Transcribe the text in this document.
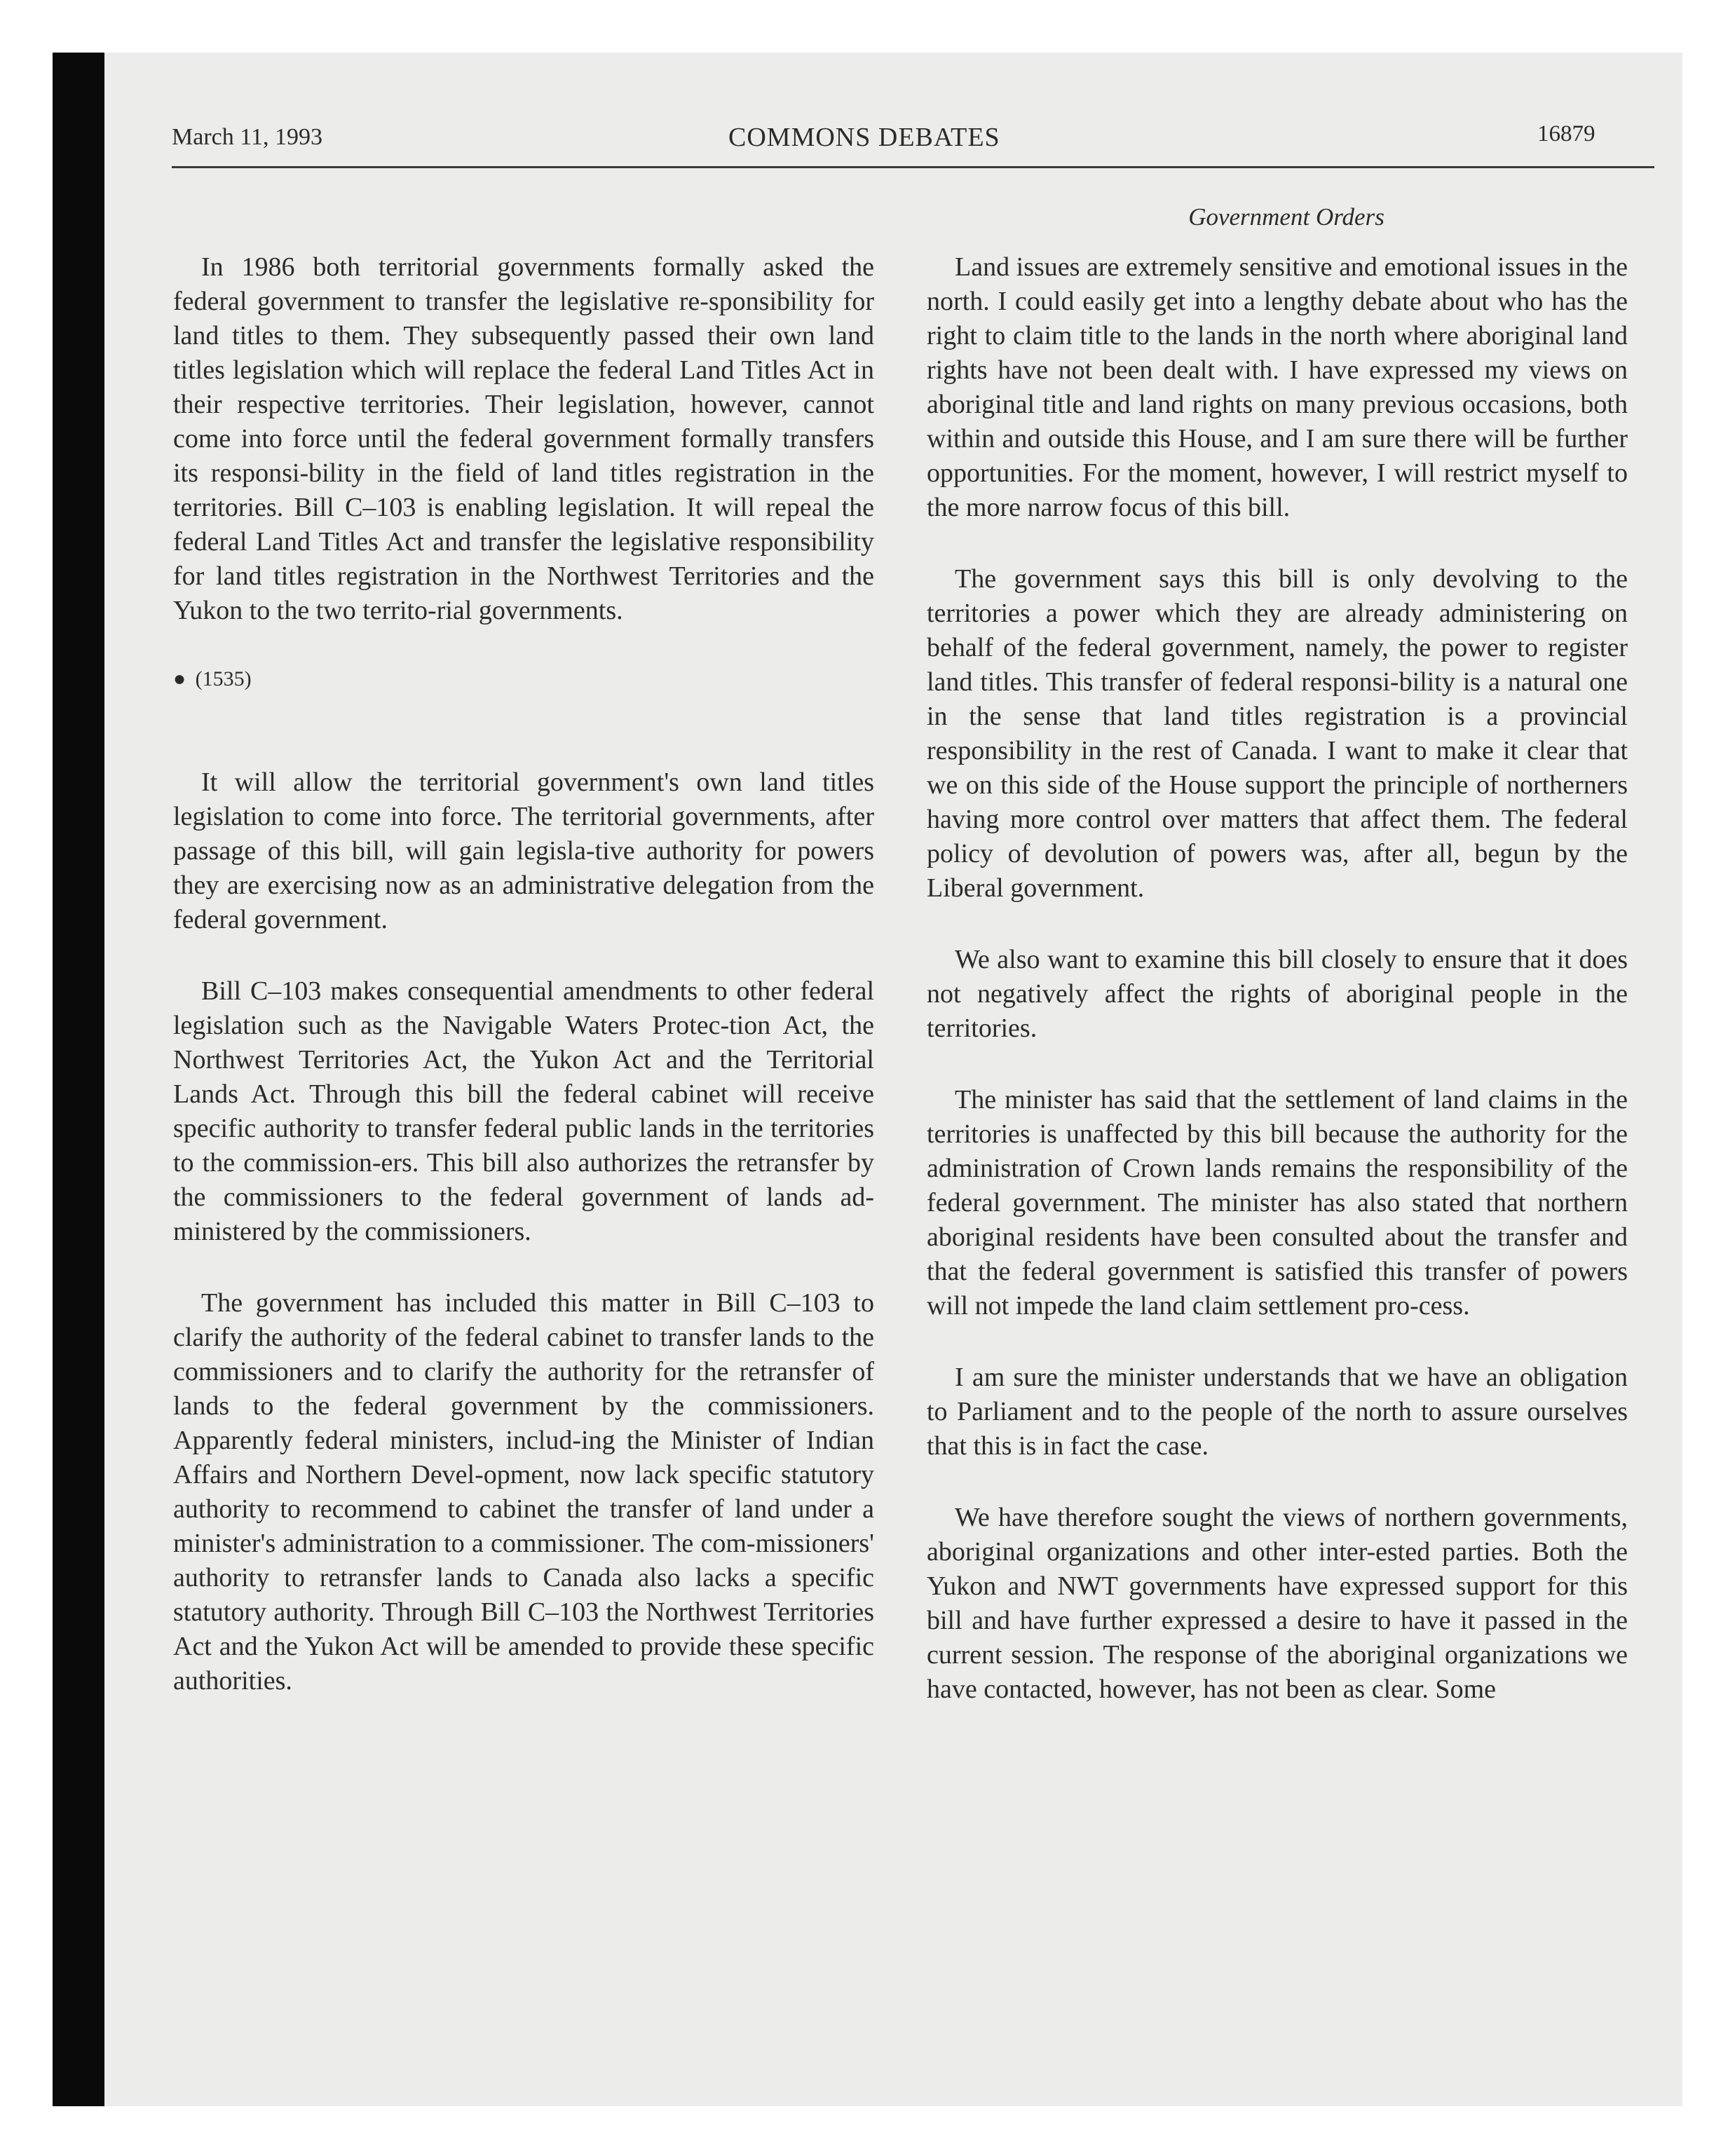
March 11, 1993	COMMONS DEBATES	16879
Government Orders

In 1986 both territorial governments formally asked the federal government to transfer the legislative re-sponsibility for land titles to them. They subsequently passed their own land titles legislation which will replace the federal Land Titles Act in their respective territories. Their legislation, however, cannot come into force until the federal government formally transfers its responsi-bility in the field of land titles registration in the territories. Bill C–103 is enabling legislation. It will repeal the federal Land Titles Act and transfer the legislative responsibility for land titles registration in the Northwest Territories and the Yukon to the two territo-rial governments.

● (1535)

It will allow the territorial government's own land titles legislation to come into force. The territorial governments, after passage of this bill, will gain legisla-tive authority for powers they are exercising now as an administrative delegation from the federal government.

Bill C–103 makes consequential amendments to other federal legislation such as the Navigable Waters Protec-tion Act, the Northwest Territories Act, the Yukon Act and the Territorial Lands Act. Through this bill the federal cabinet will receive specific authority to transfer federal public lands in the territories to the commission-ers. This bill also authorizes the retransfer by the commissioners to the federal government of lands ad-ministered by the commissioners.

The government has included this matter in Bill C–103 to clarify the authority of the federal cabinet to transfer lands to the commissioners and to clarify the authority for the retransfer of lands to the federal government by the commissioners. Apparently federal ministers, includ-ing the Minister of Indian Affairs and Northern Devel-opment, now lack specific statutory authority to recommend to cabinet the transfer of land under a minister's administration to a commissioner. The com-missioners' authority to retransfer lands to Canada also lacks a specific statutory authority. Through Bill C–103 the Northwest Territories Act and the Yukon Act will be amended to provide these specific authorities.

Land issues are extremely sensitive and emotional issues in the north. I could easily get into a lengthy debate about who has the right to claim title to the lands in the north where aboriginal land rights have not been dealt with. I have expressed my views on aboriginal title and land rights on many previous occasions, both within and outside this House, and I am sure there will be further opportunities. For the moment, however, I will restrict myself to the more narrow focus of this bill.

The government says this bill is only devolving to the territories a power which they are already administering on behalf of the federal government, namely, the power to register land titles. This transfer of federal responsi-bility is a natural one in the sense that land titles registration is a provincial responsibility in the rest of Canada. I want to make it clear that we on this side of the House support the principle of northerners having more control over matters that affect them. The federal policy of devolution of powers was, after all, begun by the Liberal government.

We also want to examine this bill closely to ensure that it does not negatively affect the rights of aboriginal people in the territories.

The minister has said that the settlement of land claims in the territories is unaffected by this bill because the authority for the administration of Crown lands remains the responsibility of the federal government. The minister has also stated that northern aboriginal residents have been consulted about the transfer and that the federal government is satisfied this transfer of powers will not impede the land claim settlement pro-cess.

I am sure the minister understands that we have an obligation to Parliament and to the people of the north to assure ourselves that this is in fact the case.

We have therefore sought the views of northern governments, aboriginal organizations and other inter-ested parties. Both the Yukon and NWT governments have expressed support for this bill and have further expressed a desire to have it passed in the current session. The response of the aboriginal organizations we have contacted, however, has not been as clear. Some
